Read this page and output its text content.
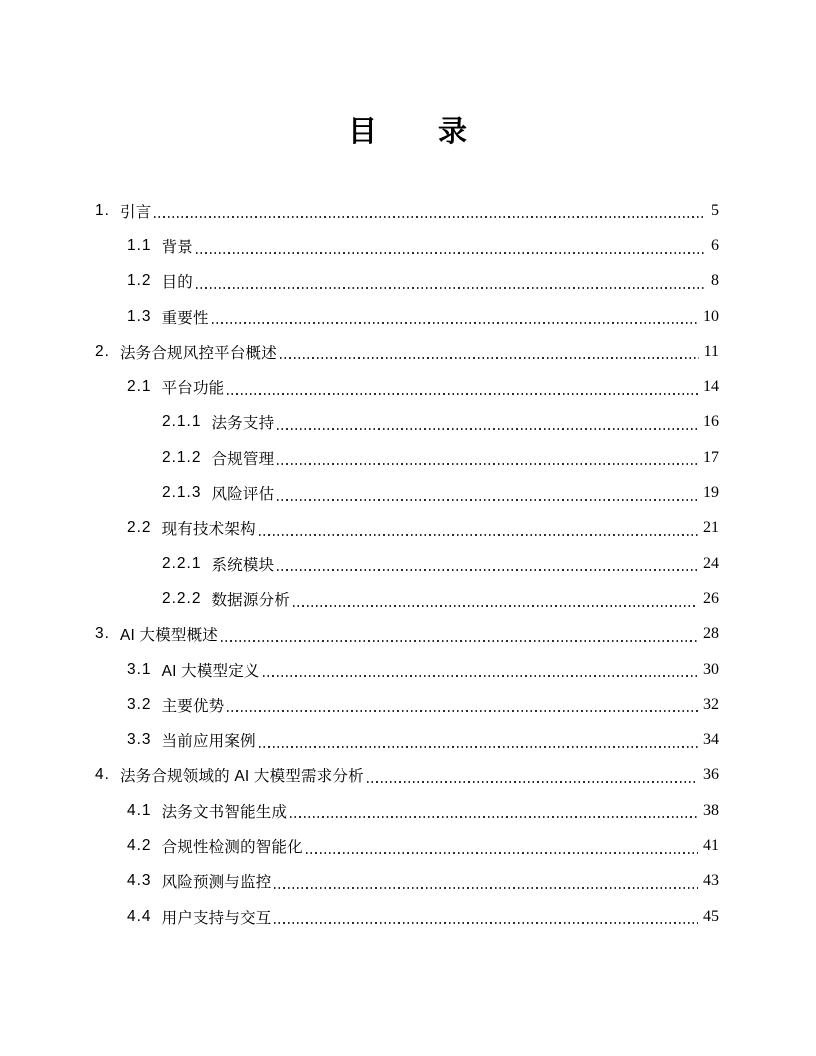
目　　录
1. 引言	5
1.1 背景	6
1.2 目的	8
1.3 重要性	10
2. 法务合规风控平台概述	11
2.1 平台功能	14
2.1.1 法务支持	16
2.1.2 合规管理	17
2.1.3 风险评估	19
2.2 现有技术架构	21
2.2.1 系统模块	24
2.2.2 数据源分析	26
3. AI 大模型概述	28
3.1 AI 大模型定义	30
3.2 主要优势	32
3.3 当前应用案例	34
4. 法务合规领域的 AI 大模型需求分析	36
4.1 法务文书智能生成	38
4.2 合规性检测的智能化	41
4.3 风险预测与监控	43
4.4 用户支持与交互	45
